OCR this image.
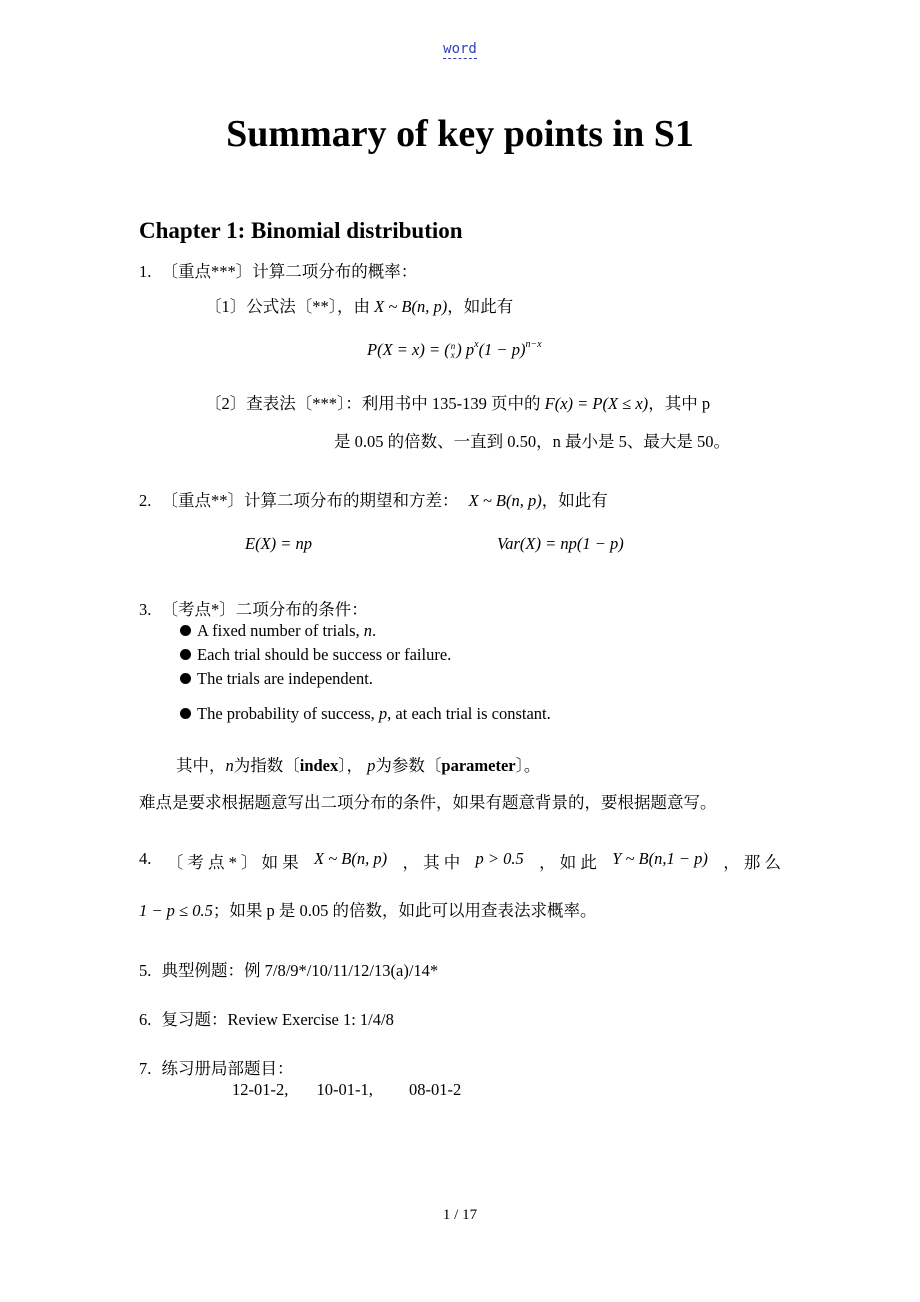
word
Summary of key points in S1
Chapter 1: Binomial distribution
1. 〔重点***〕计算二项分布的概率：
〔1〕公式法〔**〕，由 X ~ B(n, p)，如此有
P(X = x) = ( n
x ) $p^x(1 - p)^{n-x}$
〔2〕查表法〔***〕：利用书中 135-139 页中的 F(x) = P(X ≤ x)，其中 p
是 0.05 的倍数、一直到 0.50，n 最小是 5、最大是 50。
2. 〔重点**〕计算二项分布的期望和方差： X ~ B(n, p)，如此有
E(X) = np	Var(X) = np(1 − p)
3. 〔考点*〕二项分布的条件：
A fixed number of trials, n.
Each trial should be success or failure.
The trials are independent.
The probability of success, p, at each trial is constant.
其中，n为指数〔index〕， p为参数〔parameter〕。
难点是要求根据题意写出二项分布的条件，如果有题意背景的，要根据题意写。
4. 〔 考 点 * 〕 如 果 X ~ B(n, p) ， 其 中 p > 0.5 ， 如 此 Y ~ B(n,1 − p) ， 那 么
1 − p ≤ 0.5；如果 p 是 0.05 的倍数，如此可以用查表法求概率。
5. 典型例题：例 7/8/9*/10/11/12/13(a)/14*
6. 复习题：Review Exercise 1: 1/4/8
7. 练习册局部题目：
12-01-2, 10-01-1, 08-01-2
1 / 17
